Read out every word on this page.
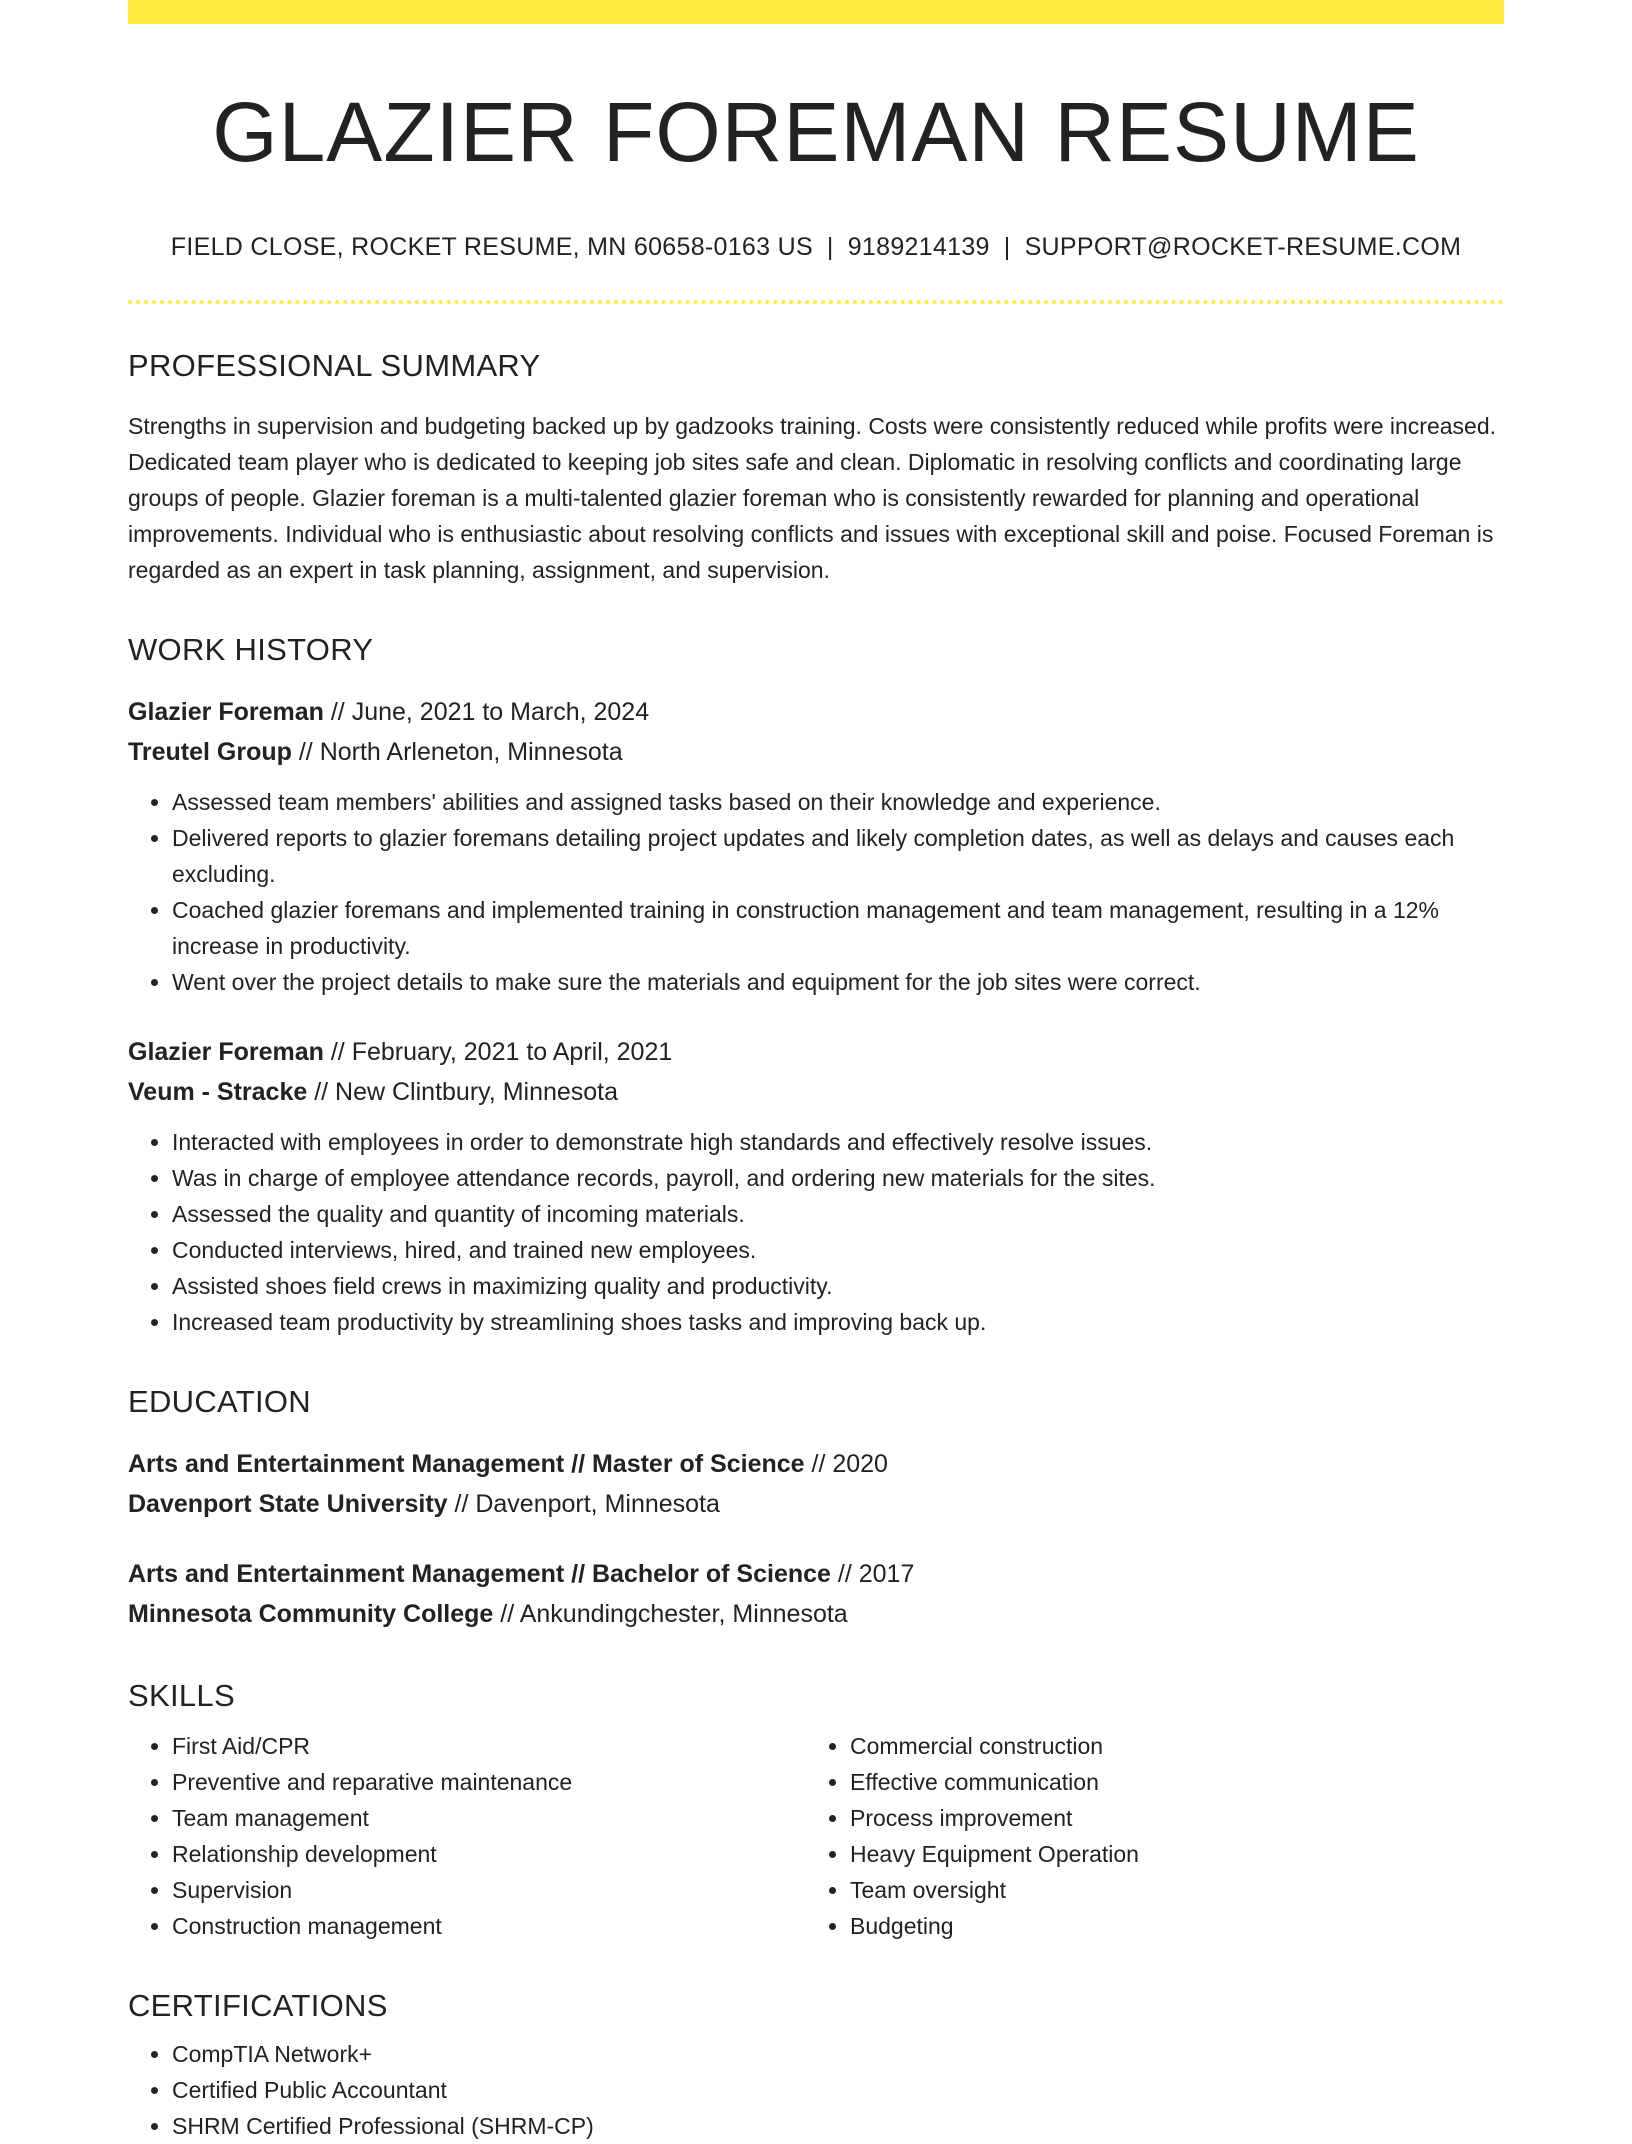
GLAZIER FOREMAN RESUME
FIELD CLOSE, ROCKET RESUME, MN 60658-0163 US | 9189214139 | SUPPORT@ROCKET-RESUME.COM
PROFESSIONAL SUMMARY
Strengths in supervision and budgeting backed up by gadzooks training. Costs were consistently reduced while profits were increased. Dedicated team player who is dedicated to keeping job sites safe and clean. Diplomatic in resolving conflicts and coordinating large groups of people. Glazier foreman is a multi-talented glazier foreman who is consistently rewarded for planning and operational improvements. Individual who is enthusiastic about resolving conflicts and issues with exceptional skill and poise. Focused Foreman is regarded as an expert in task planning, assignment, and supervision.
WORK HISTORY
Glazier Foreman // June, 2021 to March, 2024
Treutel Group // North Arleneton, Minnesota
• Assessed team members' abilities and assigned tasks based on their knowledge and experience.
• Delivered reports to glazier foremans detailing project updates and likely completion dates, as well as delays and causes each excluding.
• Coached glazier foremans and implemented training in construction management and team management, resulting in a 12% increase in productivity.
• Went over the project details to make sure the materials and equipment for the job sites were correct.
Glazier Foreman // February, 2021 to April, 2021
Veum - Stracke // New Clintbury, Minnesota
• Interacted with employees in order to demonstrate high standards and effectively resolve issues.
• Was in charge of employee attendance records, payroll, and ordering new materials for the sites.
• Assessed the quality and quantity of incoming materials.
• Conducted interviews, hired, and trained new employees.
• Assisted shoes field crews in maximizing quality and productivity.
• Increased team productivity by streamlining shoes tasks and improving back up.
EDUCATION
Arts and Entertainment Management // Master of Science // 2020
Davenport State University // Davenport, Minnesota
Arts and Entertainment Management // Bachelor of Science // 2017
Minnesota Community College // Ankundingchester, Minnesota
SKILLS
• First Aid/CPR
• Preventive and reparative maintenance
• Team management
• Relationship development
• Supervision
• Construction management
• Commercial construction
• Effective communication
• Process improvement
• Heavy Equipment Operation
• Team oversight
• Budgeting
CERTIFICATIONS
• CompTIA Network+
• Certified Public Accountant
• SHRM Certified Professional (SHRM-CP)
